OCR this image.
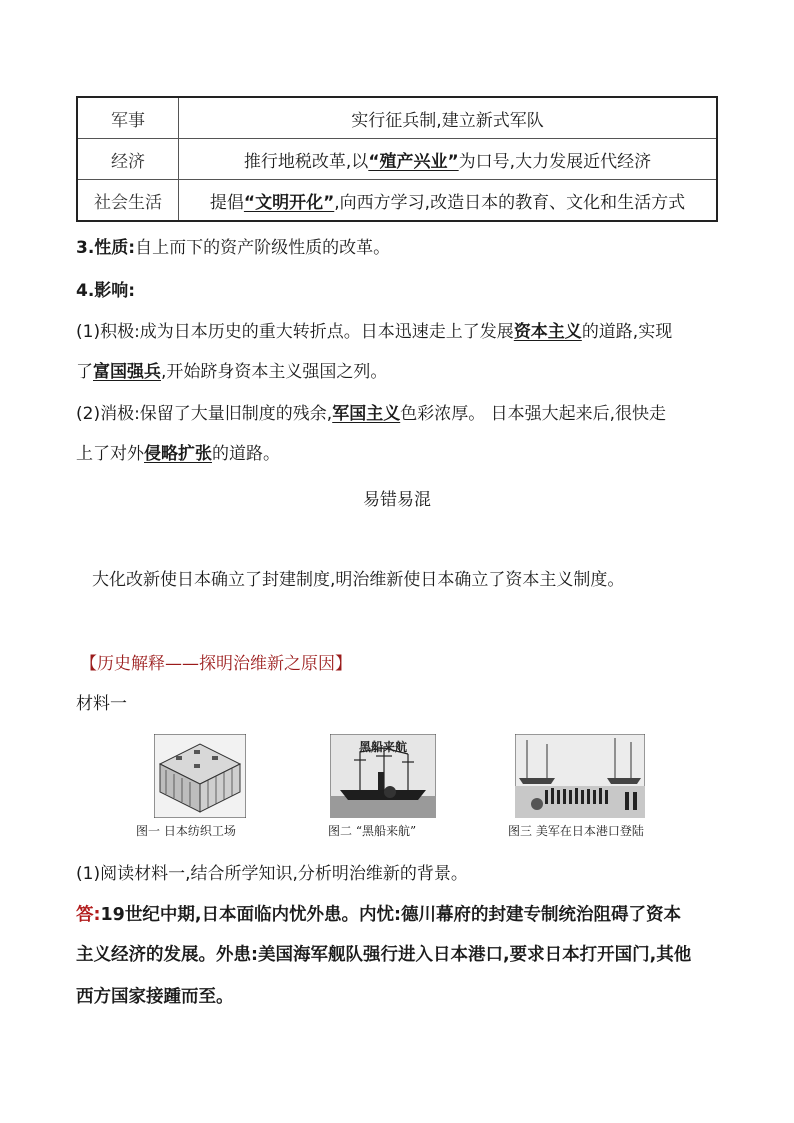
军事	实行征兵制,建立新式军队
经济	推行地税改革,以“殖产兴业”为口号,大力发展近代经济
社会生活	提倡“文明开化”,向西方学习,改造日本的教育、文化和生活方式
3.性质:自上而下的资产阶级性质的改革。
4.影响:
(1)积极:成为日本历史的重大转折点。日本迅速走上了发展资本主义的道路,实现
了富国强兵,开始跻身资本主义强国之列。
(2)消极:保留了大量旧制度的残余,军国主义色彩浓厚。 日本强大起来后,很快走
上了对外侵略扩张的道路。
易错易混
大化改新使日本确立了封建制度,明治维新使日本确立了资本主义制度。
【历史解释——探明治维新之原因】
材料一
图一 日本纺织工场
黑船来航
图二 “黑船来航”	图三 美军在日本港口登陆
(1)阅读材料一,结合所学知识,分析明治维新的背景。
答:19世纪中期,日本面临内忧外患。内忧:德川幕府的封建专制统治阻碍了资本
主义经济的发展。外患:美国海军舰队强行进入日本港口,要求日本打开国门,其他
西方国家接踵而至。
